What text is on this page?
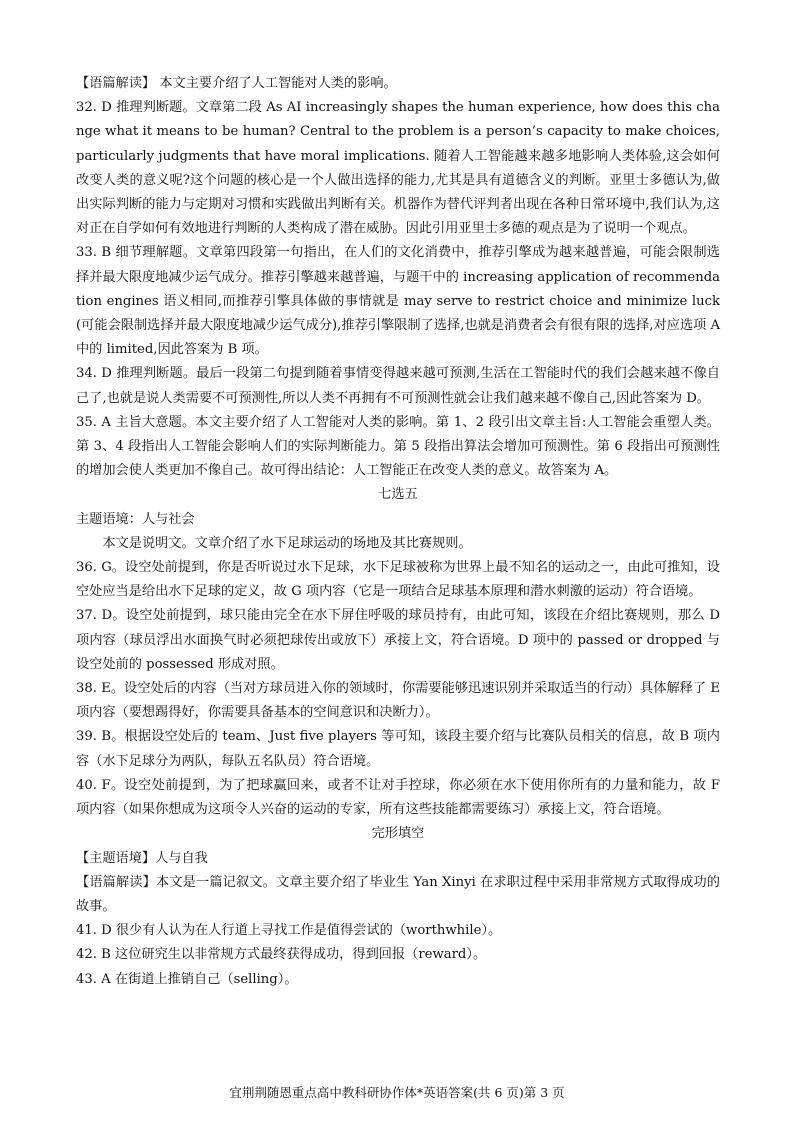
【语篇解读】 本文主要介绍了人工智能对人类的影响。

32. D 推理判断题。文章第二段 As AI increasingly shapes the human experience, how does this change what it means to be human? Central to the problem is a person’s capacity to make choices, particularly judgments that have moral implications. 随着人工智能越来越多地影响人类体验,这会如何改变人类的意义呢?这个问题的核心是一个人做出选择的能力,尤其是具有道德含义的判断。亚里士多德认为,做出实际判断的能力与定期对习惯和实践做出判断有关。机器作为替代评判者出现在各种日常环境中,我们认为,这对正在自学如何有效地进行判断的人类构成了潜在威胁。因此引用亚里士多德的观点是为了说明一个观点。

33. B 细节理解题。文章第四段第一句指出，在人们的文化消费中，推荐引擎成为越来越普遍，可能会限制选择并最大限度地减少运气成分。推荐引擎越来越普遍，与题干中的 increasing application of recommendation engines 语义相同,而推荐引擎具体做的事情就是 may serve to restrict choice and minimize luck(可能会限制选择并最大限度地减少运气成分),推荐引擎限制了选择,也就是消费者会有很有限的选择,对应选项 A 中的 limited,因此答案为 B 项。

34. D 推理判断题。最后一段第二句提到随着事情变得越来越可预测,生活在工智能时代的我们会越来越不像自己了,也就是说人类需要不可预测性,所以人类不再拥有不可预测性就会让我们越来越不像自己,因此答案为 D。

35. A 主旨大意题。本文主要介绍了人工智能对人类的影响。第 1、2 段引出文章主旨:人工智能会重塑人类。第 3、4 段指出人工智能会影响人们的实际判断能力。第 5 段指出算法会增加可预测性。第 6 段指出可预测性的增加会使人类更加不像自己。故可得出结论：人工智能正在改变人类的意义。故答案为 A。

七选五

主题语境：人与社会

本文是说明文。文章介绍了水下足球运动的场地及其比赛规则。

36. G。设空处前提到，你是否听说过水下足球，水下足球被称为世界上最不知名的运动之一，由此可推知，设空处应当是给出水下足球的定义，故 G 项内容（它是一项结合足球基本原理和潜水刺激的运动）符合语境。

37. D。设空处前提到，球只能由完全在水下屏住呼吸的球员持有，由此可知，该段在介绍比赛规则，那么 D 项内容（球员浮出水面换气时必须把球传出或放下）承接上文，符合语境。D 项中的 passed or dropped 与设空处前的 possessed 形成对照。

38. E。设空处后的内容（当对方球员进入你的领域时，你需要能够迅速识别并采取适当的行动）具体解释了 E 项内容（要想踢得好，你需要具备基本的空间意识和决断力）。

39. B。根据设空处后的 team、Just five players 等可知，该段主要介绍与比赛队员相关的信息，故 B 项内容（水下足球分为两队，每队五名队员）符合语境。

40. F。设空处前提到，为了把球赢回来，或者不让对手控球，你必须在水下使用你所有的力量和能力，故 F 项内容（如果你想成为这项令人兴奋的运动的专家，所有这些技能都需要练习）承接上文，符合语境。

完形填空

【主题语境】人与自我

【语篇解读】本文是一篇记叙文。文章主要介绍了毕业生 Yan Xinyi 在求职过程中采用非常规方式取得成功的故事。

41. D 很少有人认为在人行道上寻找工作是值得尝试的（worthwhile）。

42. B 这位研究生以非常规方式最终获得成功，得到回报（reward）。

43. A 在街道上推销自己（selling）。

宜荆荆随恩重点高中教科研协作体*英语答案(共 6 页)第 3 页
